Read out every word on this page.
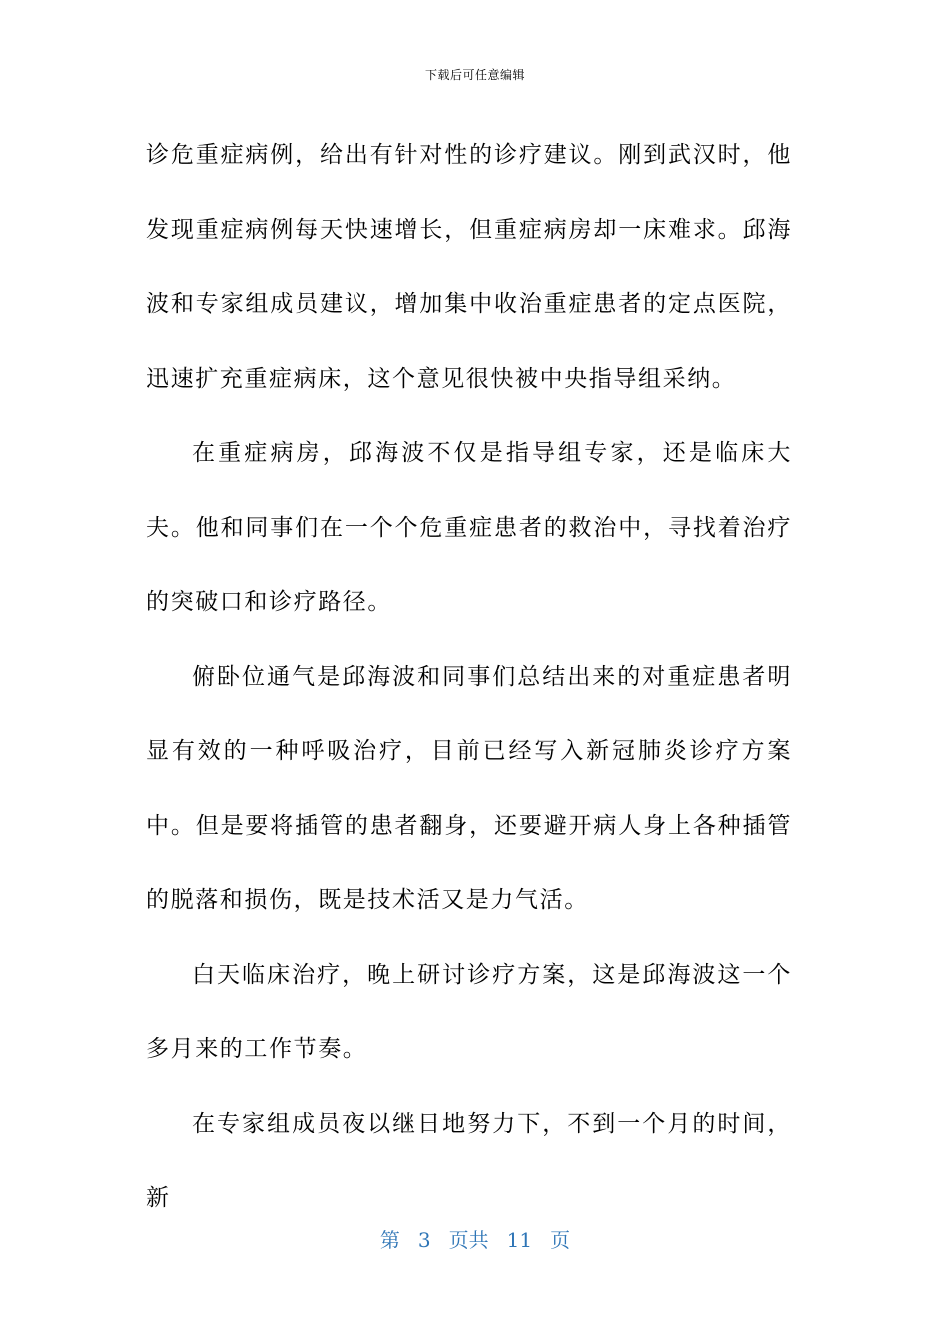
下载后可任意编辑

诊危重症病例，给出有针对性的诊疗建议。刚到武汉时，他发现重症病例每天快速增长，但重症病房却一床难求。邱海波和专家组成员建议，增加集中收治重症患者的定点医院，迅速扩充重症病床，这个意见很快被中央指导组采纳。

在重症病房，邱海波不仅是指导组专家，还是临床大夫。他和同事们在一个个危重症患者的救治中，寻找着治疗的突破口和诊疗路径。

俯卧位通气是邱海波和同事们总结出来的对重症患者明显有效的一种呼吸治疗，目前已经写入新冠肺炎诊疗方案中。但是要将插管的患者翻身，还要避开病人身上各种插管的脱落和损伤，既是技术活又是力气活。

白天临床治疗，晚上研讨诊疗方案，这是邱海波这一个多月来的工作节奏。

在专家组成员夜以继日地努力下，不到一个月的时间，新

第 3 页共 11 页
